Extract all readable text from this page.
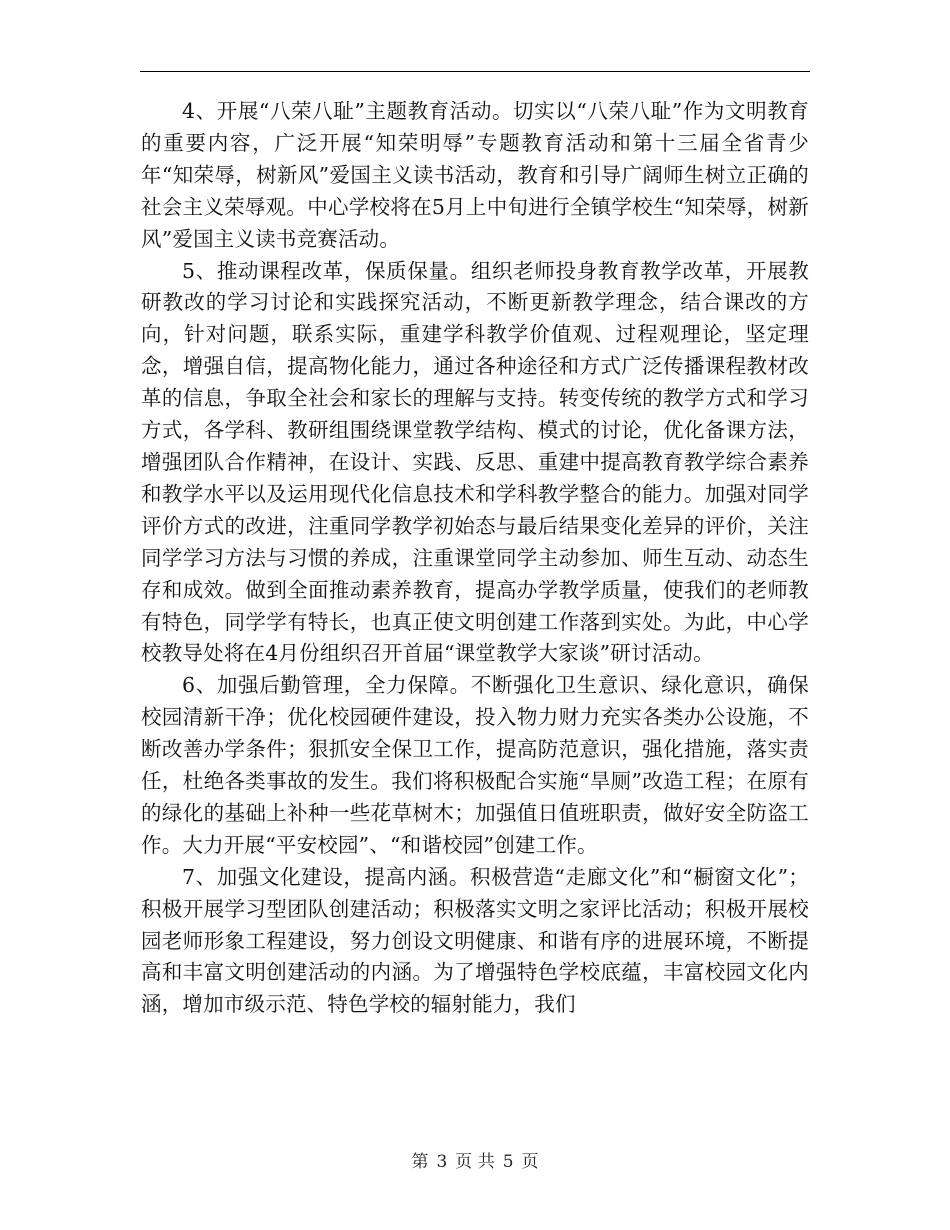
4、开展“八荣八耻”主题教育活动。切实以“八荣八耻”作为文明教育的重要内容，广泛开展“知荣明辱”专题教育活动和第十三届全省青少年“知荣辱，树新风”爱国主义读书活动，教育和引导广阔师生树立正确的社会主义荣辱观。中心学校将在5月上中旬进行全镇学校生“知荣辱，树新风”爱国主义读书竞赛活动。

5、推动课程改革，保质保量。组织老师投身教育教学改革，开展教研教改的学习讨论和实践探究活动，不断更新教学理念，结合课改的方向，针对问题，联系实际，重建学科教学价值观、过程观理论，坚定理念，增强自信，提高物化能力，通过各种途径和方式广泛传播课程教材改革的信息，争取全社会和家长的理解与支持。转变传统的教学方式和学习方式，各学科、教研组围绕课堂教学结构、模式的讨论，优化备课方法，增强团队合作精神，在设计、实践、反思、重建中提高教育教学综合素养和教学水平以及运用现代化信息技术和学科教学整合的能力。加强对同学评价方式的改进，注重同学教学初始态与最后结果变化差异的评价，关注同学学习方法与习惯的养成，注重课堂同学主动参加、师生互动、动态生存和成效。做到全面推动素养教育，提高办学教学质量，使我们的老师教有特色，同学学有特长，也真正使文明创建工作落到实处。为此，中心学校教导处将在4月份组织召开首届“课堂教学大家谈”研讨活动。

6、加强后勤管理，全力保障。不断强化卫生意识、绿化意识，确保校园清新干净；优化校园硬件建设，投入物力财力充实各类办公设施，不断改善办学条件；狠抓安全保卫工作，提高防范意识，强化措施，落实责任，杜绝各类事故的发生。我们将积极配合实施“旱厕”改造工程；在原有的绿化的基础上补种一些花草树木；加强值日值班职责，做好安全防盗工作。大力开展“平安校园”、“和谐校园”创建工作。

7、加强文化建设，提高内涵。积极营造“走廊文化”和“橱窗文化”；积极开展学习型团队创建活动；积极落实文明之家评比活动；积极开展校园老师形象工程建设，努力创设文明健康、和谐有序的进展环境，不断提高和丰富文明创建活动的内涵。为了增强特色学校底蕴，丰富校园文化内涵，增加市级示范、特色学校的辐射能力，我们

第 3 页 共 5 页
